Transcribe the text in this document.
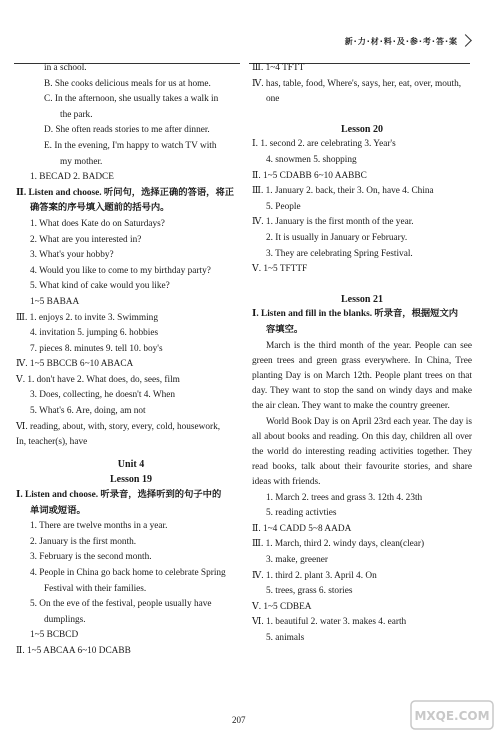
新·力·材·料·及·参·考·答·案

in a school.

B. She cooks delicious meals for us at home.

C. In the afternoon, she usually takes a walk in

the park.

D. She often reads stories to me after dinner.

E. In the evening, I'm happy to watch TV with

my mother.

1. BECAD 2. BADCE

Ⅱ. Listen and choose. 听问句，选择正确的答语，将正

确答案的序号填入题前的括号内。

1. What does Kate do on Saturdays?

2. What are you interested in?

3. What's your hobby?

4. Would you like to come to my birthday party?

5. What kind of cake would you like?

1~5 BABAA

Ⅲ. 1. enjoys 2. to invite 3. Swimming

4. invitation 5. jumping 6. hobbies

7. pieces 8. minutes 9. tell 10. boy's

Ⅳ. 1~5 BBCCB 6~10 ABACA

Ⅴ. 1. don't have 2. What does, do, sees, film

3. Does, collecting, he doesn't 4. When

5. What's 6. Are, doing, am not

Ⅵ. reading, about, with, story, every, cold, housework,

In, teacher(s), have

Unit 4

Lesson 19

Ⅰ. Listen and choose. 听录音，选择听到的句子中的

单词或短语。

1. There are twelve months in a year.

2. January is the first month.

3. February is the second month.

4. People in China go back home to celebrate Spring

Festival with their families.

5. On the eve of the festival, people usually have

dumplings.

1~5 BCBCD

Ⅱ. 1~5 ABCAA 6~10 DCABB

Ⅲ. 1~4 TFTT

Ⅳ. has, table, food, Where's, says, her, eat, over, mouth,

one

Lesson 20

Ⅰ. 1. second 2. are celebrating 3. Year's

4. snowmen 5. shopping

Ⅱ. 1~5 CDABB 6~10 AABBC

Ⅲ. 1. January 2. back, their 3. On, have 4. China

5. People

Ⅳ. 1. January is the first month of the year.

2. It is usually in January or February.

3. They are celebrating Spring Festival.

Ⅴ. 1~5 TFTTF

Lesson 21

Ⅰ. Listen and fill in the blanks. 听录音，根据短文内

容填空。

March is the third month of the year. People can see green trees and green grass everywhere. In China, Tree planting Day is on March 12th. People plant trees on that day. They want to stop the sand on windy days and make the air clean. They want to make the country greener.

World Book Day is on April 23rd each year. The day is all about books and reading. On this day, children all over the world do interesting reading activities together. They read books, talk about their favourite stories, and share ideas with friends.

1. March 2. trees and grass 3. 12th 4. 23th

5. reading activties

Ⅱ. 1~4 CADD 5~8 AADA

Ⅲ. 1. March, third 2. windy days, clean(clear)

3. make, greener

Ⅳ. 1. third 2. plant 3. April 4. On

5. trees, grass 6. stories

Ⅴ. 1~5 CDBEA

Ⅵ. 1. beautiful 2. water 3. makes 4. earth

5. animals

207	MXQE.COM
